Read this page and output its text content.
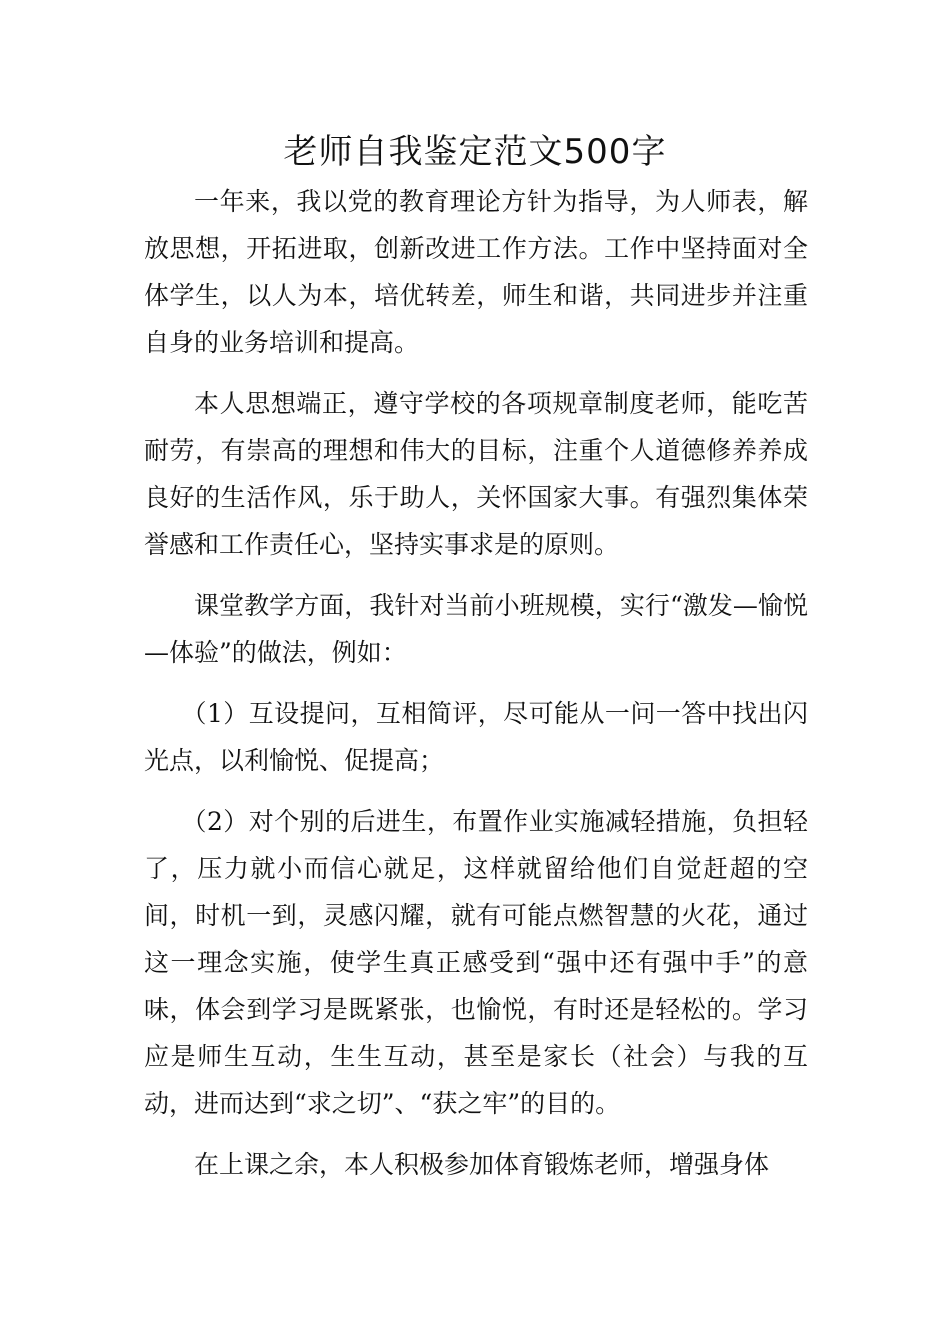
老师自我鉴定范文500字

一年来，我以党的教育理论方针为指导，为人师表，解放思想，开拓进取，创新改进工作方法。工作中坚持面对全体学生，以人为本，培优转差，师生和谐，共同进步并注重自身的业务培训和提高。

本人思想端正，遵守学校的各项规章制度老师，能吃苦耐劳，有崇高的理想和伟大的目标，注重个人道德修养养成良好的生活作风，乐于助人，关怀国家大事。有强烈集体荣誉感和工作责任心，坚持实事求是的原则。

课堂教学方面，我针对当前小班规模，实行“激发—愉悦—体验”的做法，例如：

（1）互设提问，互相简评，尽可能从一问一答中找出闪光点，以利愉悦、促提高；

（2）对个别的后进生，布置作业实施减轻措施，负担轻了，压力就小而信心就足，这样就留给他们自觉赶超的空间，时机一到，灵感闪耀，就有可能点燃智慧的火花，通过这一理念实施，使学生真正感受到“强中还有强中手”的意味，体会到学习是既紧张，也愉悦，有时还是轻松的。学习应是师生互动，生生互动，甚至是家长（社会）与我的互动，进而达到“求之切”、“获之牢”的目的。

在上课之余，本人积极参加体育锻炼老师，增强身体
